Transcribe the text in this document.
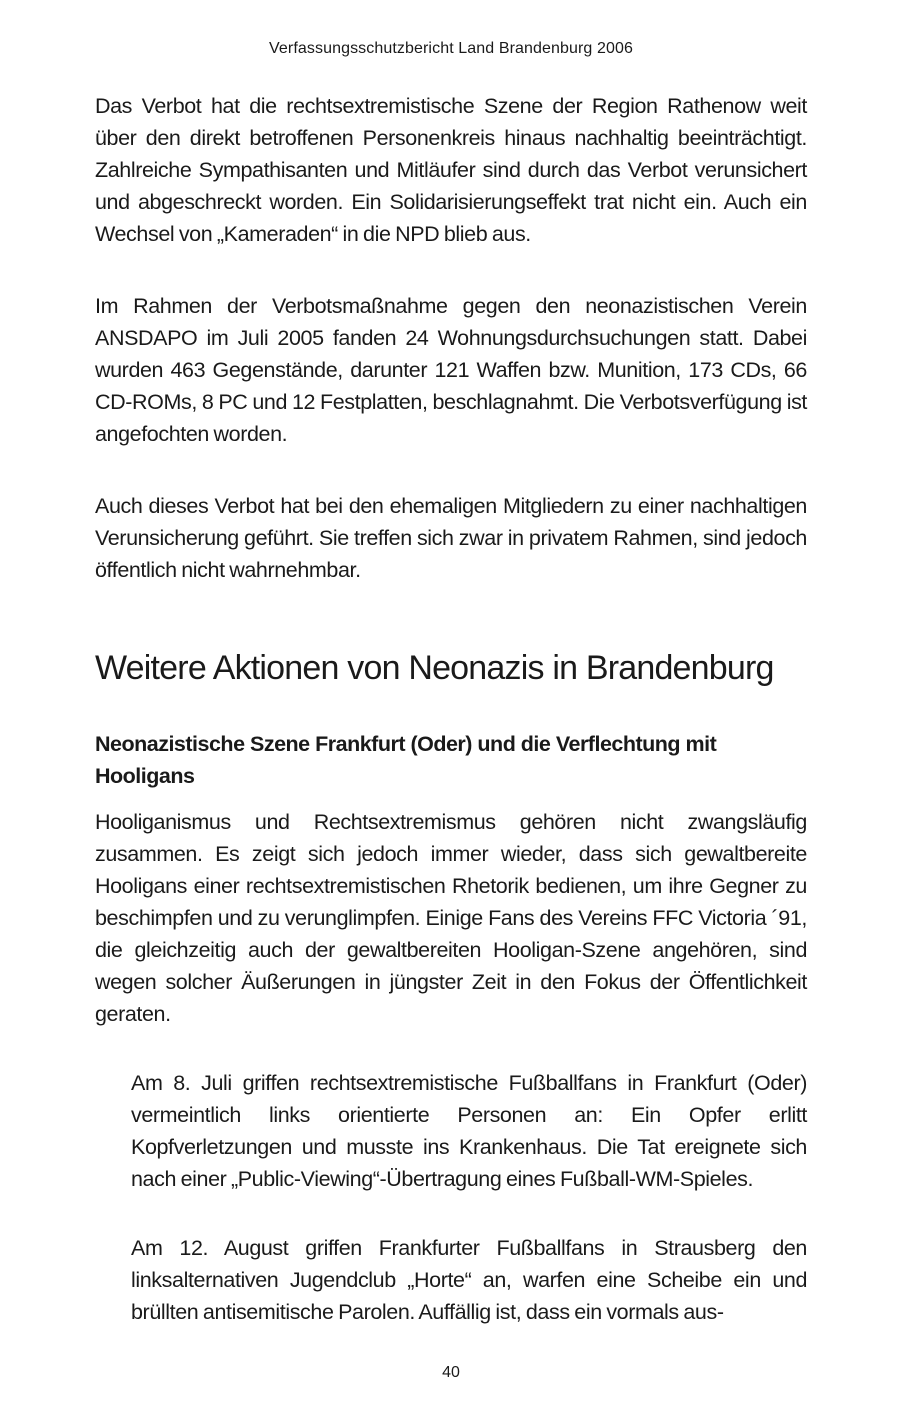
Verfassungsschutzbericht Land Brandenburg 2006

Das Verbot hat die rechtsextremistische Szene der Region Rathenow weit über den direkt betroffenen Personenkreis hinaus nachhaltig beeinträchtigt. Zahlreiche Sympathisanten und Mitläufer sind durch das Verbot verunsichert und abgeschreckt worden. Ein Solidarisierungseffekt trat nicht ein. Auch ein Wechsel von „Kameraden“ in die NPD blieb aus.

Im Rahmen der Verbotsmaßnahme gegen den neonazistischen Verein ANSDAPO im Juli 2005 fanden 24 Wohnungsdurchsuchungen statt. Dabei wurden 463 Gegenstände, darunter 121 Waffen bzw. Munition, 173 CDs, 66 CD-ROMs, 8 PC und 12 Festplatten, beschlagnahmt. Die Verbotsverfügung ist angefochten worden.

Auch dieses Verbot hat bei den ehemaligen Mitgliedern zu einer nachhaltigen Verunsicherung geführt. Sie treffen sich zwar in privatem Rahmen, sind jedoch öffentlich nicht wahrnehmbar.

Weitere Aktionen von Neonazis in Brandenburg
Neonazistische Szene Frankfurt (Oder) und die Verflechtung mit Hooligans

Hooliganismus und Rechtsextremismus gehören nicht zwangsläufig zusammen. Es zeigt sich jedoch immer wieder, dass sich gewaltbereite Hooligans einer rechtsextremistischen Rhetorik bedienen, um ihre Gegner zu beschimpfen und zu verunglimpfen. Einige Fans des Vereins FFC Victoria ´91, die gleichzeitig auch der gewaltbereiten Hooligan-Szene angehören, sind wegen solcher Äußerungen in jüngster Zeit in den Fokus der Öffentlichkeit geraten.

Am 8. Juli griffen rechtsextremistische Fußballfans in Frankfurt (Oder) vermeintlich links orientierte Personen an: Ein Opfer erlitt Kopfverletzungen und musste ins Krankenhaus. Die Tat ereignete sich nach einer „Public-Viewing“-Übertragung eines Fußball-WM-Spieles.

Am 12. August griffen Frankfurter Fußballfans in Strausberg den linksalternativen Jugendclub „Horte“ an, warfen eine Scheibe ein und brüllten antisemitische Parolen. Auffällig ist, dass ein vormals aus-

40
